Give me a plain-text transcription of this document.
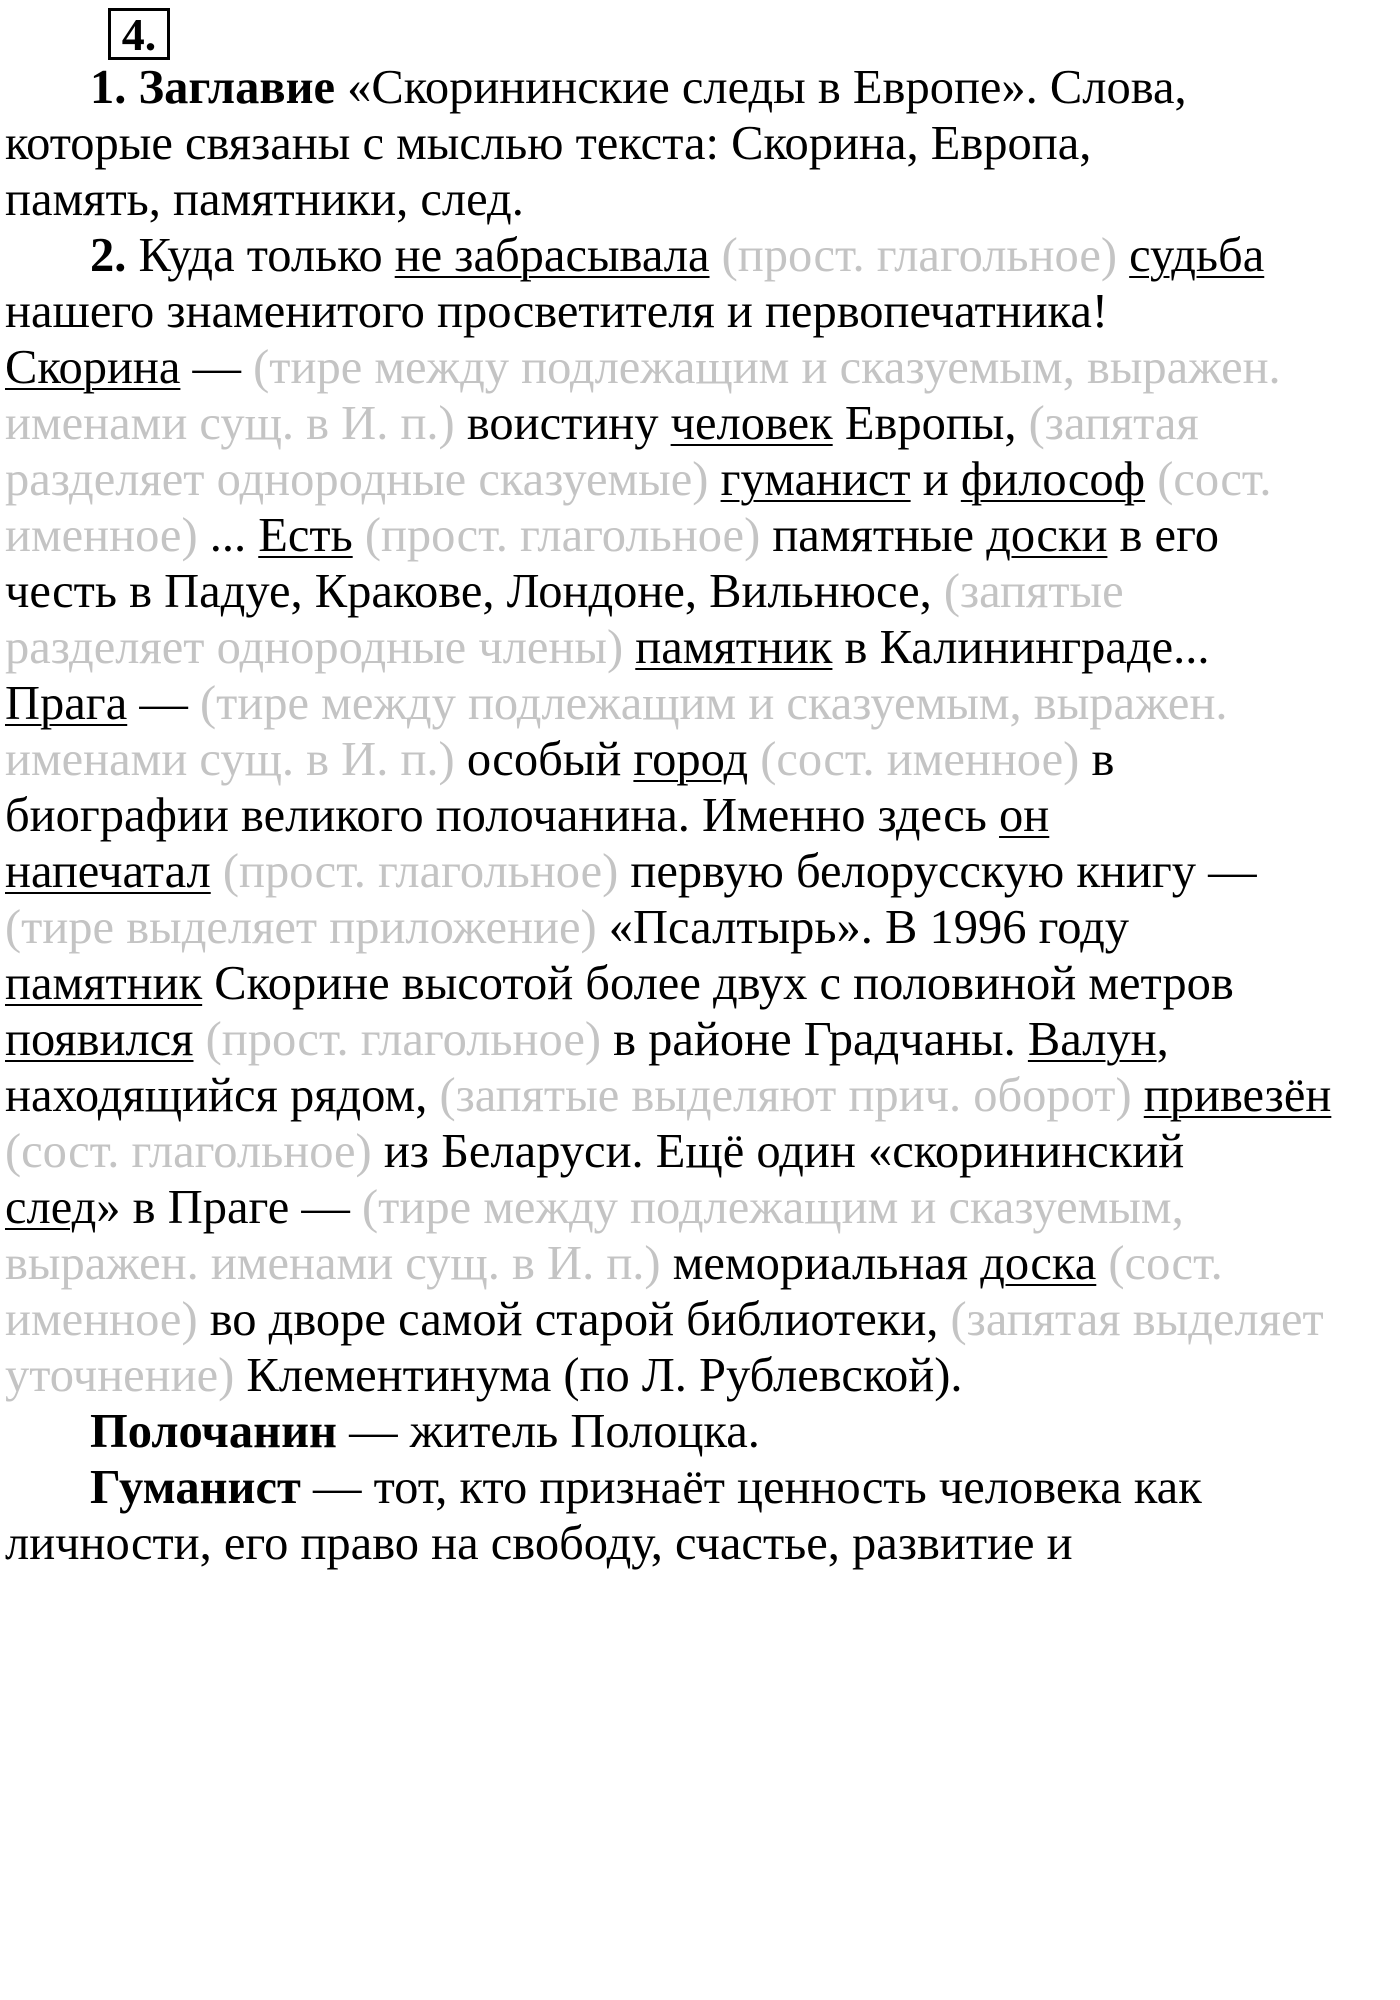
4.
1. Заглавие «Скорининские следы в Европе». Слова,
которые связаны с мыслью текста: Скорина, Европа,
память, памятники, след.
2. Куда только не забрасывала (прост. глагольное) судьба
нашего знаменитого просветителя и первопечатника!
Скорина — (тире между подлежащим и сказуемым, выражен.
именами сущ. в И. п.) воистину человек Европы, (запятая
разделяет однородные сказуемые) гуманист и философ (сост.
именное) ... Есть (прост. глагольное) памятные доски в его
честь в Падуе, Кракове, Лондоне, Вильнюсе, (запятые
разделяет однородные члены) памятник в Калининграде...
Прага — (тире между подлежащим и сказуемым, выражен.
именами сущ. в И. п.) особый город (сост. именное) в
биографии великого полочанина. Именно здесь он
напечатал (прост. глагольное) первую белорусскую книгу —
(тире выделяет приложение) «Псалтырь». В 1996 году
памятник Скорине высотой более двух с половиной метров
появился (прост. глагольное) в районе Градчаны. Валун,
находящийся рядом, (запятые выделяют прич. оборот) привезён
(сост. глагольное) из Беларуси. Ещё один «скорининский
след» в Праге — (тире между подлежащим и сказуемым,
выражен. именами сущ. в И. п.) мемориальная доска (сост.
именное) во дворе самой старой библиотеки, (запятая выделяет
уточнение) Клементинума (по Л. Рублевской).
Полочанин — житель Полоцка.
Гуманист — тот, кто признаёт ценность человека как
личности, его право на свободу, счастье, развитие и
